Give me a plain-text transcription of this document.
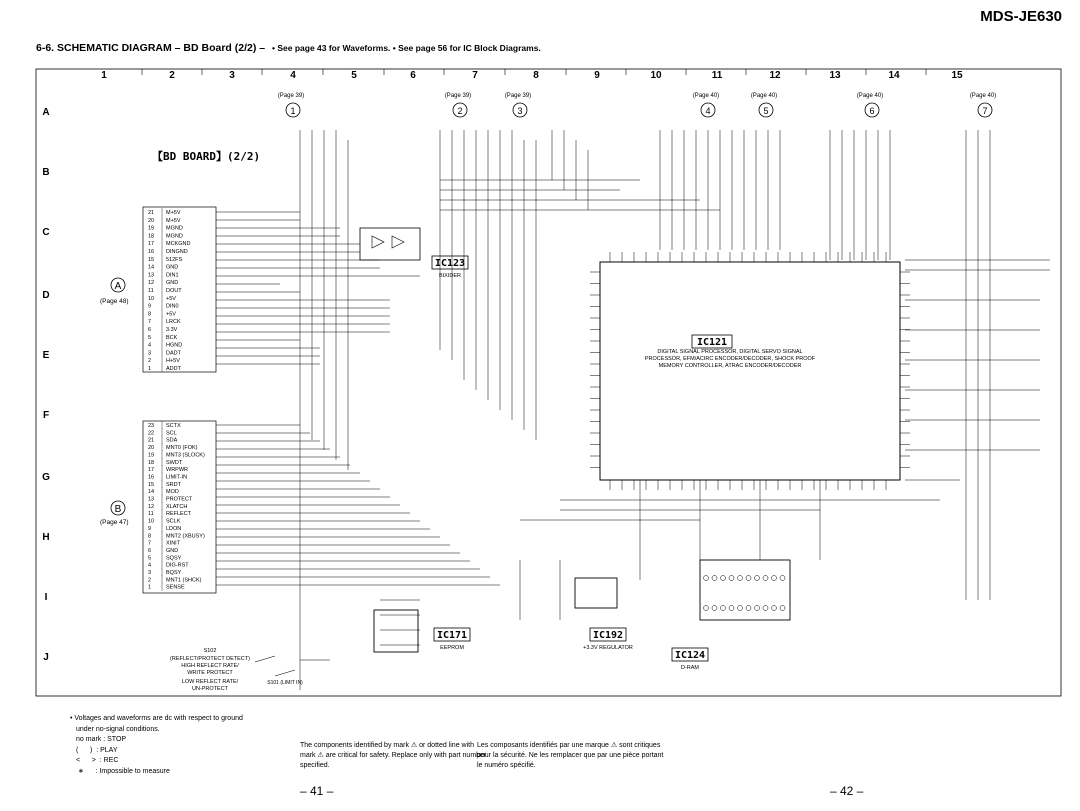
MDS-JE630
6-6. SCHEMATIC DIAGRAM – BD Board (2/2) – • See page 43 for Waveforms. • See page 56 for IC Block Diagrams.
1	2	3	4	5	6	7	8	9	10	11	12	13	14	15
A
B
C
D
E
F
G
H
I
J
【BD BOARD】(2/2)
A
(Page 48)
21 M+5V
20 M+5V
19 MGND
18 MGND
17 MCKGND
16 DINGND
15 512FS
14 GND
13 DIN1
12 GND
11 DOUT
10 +5V
9	DIN0
8	+5V
7	LRCK
6	3.3V
5	BCK
4	HGND
3	DADT
2	H+5V
1	ADDT
B
(Page 47)
23 SCTX
22 SCL
21 SDA
20 MNT0 (FOK)
19 MNT3 (SLOCK)
18 SWDT
17 WRPWR
16 LIMIT-IN
15 SRDT
14 MOD
13 PROTECT
12 XLATCH
11 REFLECT
10 SCLK
9	LDON
8	MNT2 (XBUSY)
7	XINIT
6	GND
5	SQSY
4	DIG-RST
3	BQSY
2	MNT1 (SHCK)
1	SENSE
(Page 39)
1
(Page 39)
2
(Page 39)
3
(Page 40)
4
(Page 40)
5
(Page 40)
6
(Page 40)
7
IC123
BIXIDER
IC121
DIGITAL SIGNAL PROCESSOR, DIGITAL SERVO SIGNAL PROCESSOR, EFM/ACIRC ENCODER/DECODER, SHOCK PROOF MEMORY CONTROLLER, ATRAC ENCODER/DECODER
IC124
D-RAM
IC192
+3.3V REGULATOR
IC171
EEPROM
S102
(REFLECT/PROTECT DETECT)
HIGH REFLECT RATE/
WRITE PROTECT
LOW REFLECT RATE/
UN-PROTECT
S101 (LIMIT IN)
• Voltages and waveforms are dc with respect to ground
under no-signal conditions.
no mark : STOP
(      )  : PLAY
<      >  : REC
∗      : Impossible to measure
The components identified by mark ⚠ or dotted line with mark ⚠ are critical for safety. Replace only with part number specified.
Les composants identifiés par une marque ⚠ sont critiques pour la sécurité. Ne les remplacer que par une pièce portant le numéro spécifié.
– 41 –	– 42 –
